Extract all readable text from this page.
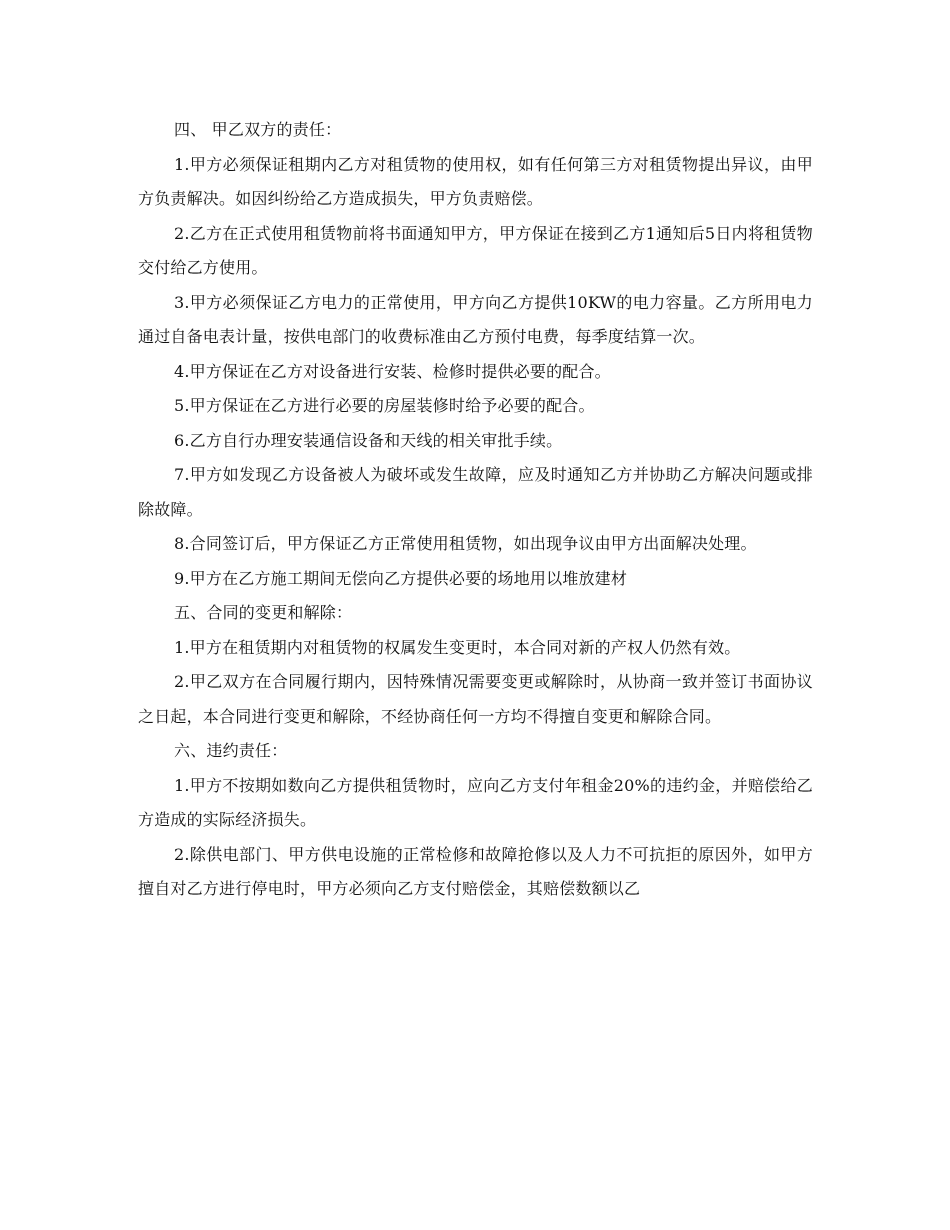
四、 甲乙双方的责任：

1.甲方必须保证租期内乙方对租赁物的使用权，如有任何第三方对租赁物提出异议，由甲方负责解决。如因纠纷给乙方造成损失，甲方负责赔偿。

2.乙方在正式使用租赁物前将书面通知甲方，甲方保证在接到乙方1通知后5日内将租赁物交付给乙方使用。

3.甲方必须保证乙方电力的正常使用，甲方向乙方提供10KW的电力容量。乙方所用电力通过自备电表计量，按供电部门的收费标准由乙方预付电费，每季度结算一次。

4.甲方保证在乙方对设备进行安装、检修时提供必要的配合。

5.甲方保证在乙方进行必要的房屋装修时给予必要的配合。

6.乙方自行办理安装通信设备和天线的相关审批手续。

7.甲方如发现乙方设备被人为破坏或发生故障，应及时通知乙方并协助乙方解决问题或排除故障。

8.合同签订后，甲方保证乙方正常使用租赁物，如出现争议由甲方出面解决处理。

9.甲方在乙方施工期间无偿向乙方提供必要的场地用以堆放建材

五、合同的变更和解除：

1.甲方在租赁期内对租赁物的权属发生变更时，本合同对新的产权人仍然有效。

2.甲乙双方在合同履行期内，因特殊情况需要变更或解除时，从协商一致并签订书面协议之日起，本合同进行变更和解除，不经协商任何一方均不得擅自变更和解除合同。

六、违约责任：

1.甲方不按期如数向乙方提供租赁物时，应向乙方支付年租金20%的违约金，并赔偿给乙方造成的实际经济损失。

2.除供电部门、甲方供电设施的正常检修和故障抢修以及人力不可抗拒的原因外，如甲方擅自对乙方进行停电时，甲方必须向乙方支付赔偿金，其赔偿数额以乙
